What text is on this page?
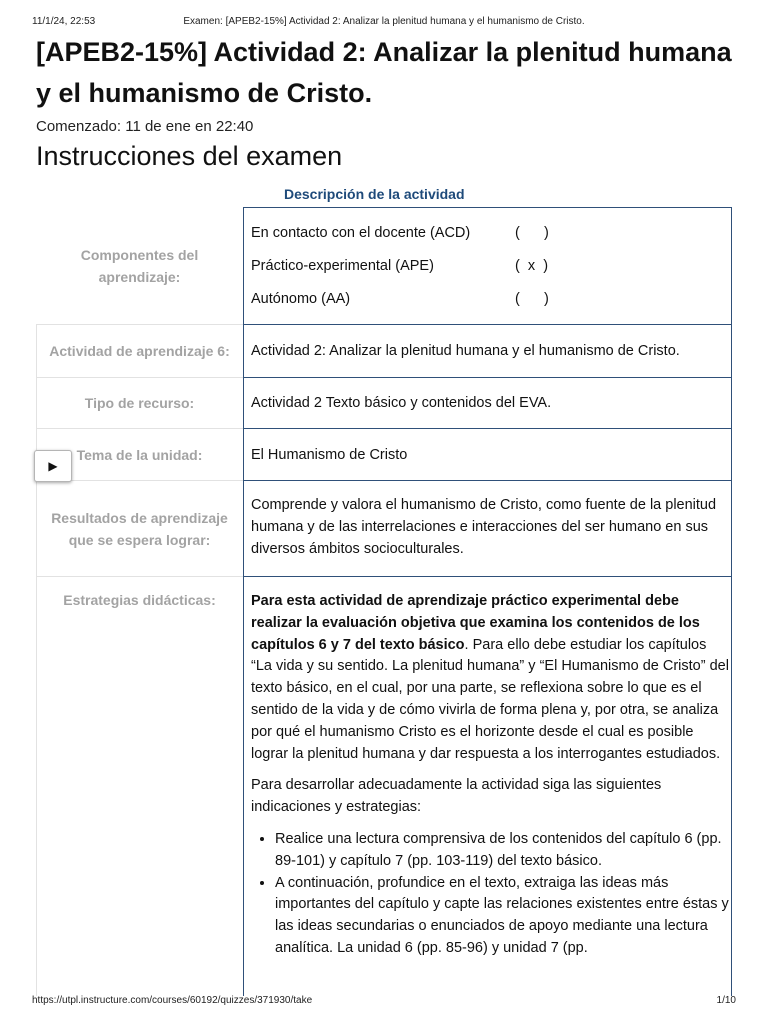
11/1/24, 22:53	Examen: [APEB2-15%] Actividad 2: Analizar la plenitud humana y el humanismo de Cristo.
[APEB2-15%] Actividad 2: Analizar la plenitud humana y el humanismo de Cristo.
Comenzado: 11 de ene en 22:40
Instrucciones del examen
Descripción de la actividad
Componentes del aprendizaje:
En contacto con el docente (ACD)	(      )
Práctico-experimental (APE)	(  x  )
Autónomo (AA)	(      )
Actividad de aprendizaje 6:	Actividad 2: Analizar la plenitud humana y el humanismo de Cristo.
Tipo de recurso:	Actividad 2 Texto básico y contenidos del EVA.
Tema de la unidad:	El Humanismo de Cristo
Resultados de aprendizaje que se espera lograr:
Comprende y valora el humanismo de Cristo, como fuente de la plenitud humana y de las interrelaciones e interacciones del ser humano en sus diversos ámbitos socioculturales.
Estrategias didácticas:	Para esta actividad de aprendizaje práctico experimental debe realizar la evaluación objetiva que examina los contenidos de los capítulos 6 y 7 del texto básico. Para ello debe estudiar los capítulos “La vida y su sentido. La plenitud humana” y “El Humanismo de Cristo” del texto básico, en el cual, por una parte, se reflexiona sobre lo que es el sentido de la vida y de cómo vivirla de forma plena y, por otra, se analiza por qué el humanismo Cristo es el horizonte desde el cual es posible lograr la plenitud humana y dar respuesta a los interrogantes estudiados.

Para desarrollar adecuadamente la actividad siga las siguientes indicaciones y estrategias:

• Realice una lectura comprensiva de los contenidos del capítulo 6 (pp. 89-101) y capítulo 7 (pp. 103-119) del texto básico.
• A continuación, profundice en el texto, extraiga las ideas más importantes del capítulo y capte las relaciones existentes entre éstas y las ideas secundarias o enunciados de apoyo mediante una lectura analítica. La unidad 6 (pp. 85-96) y unidad 7 (pp.
▶
https://utpl.instructure.com/courses/60192/quizzes/371930/take	1/10
